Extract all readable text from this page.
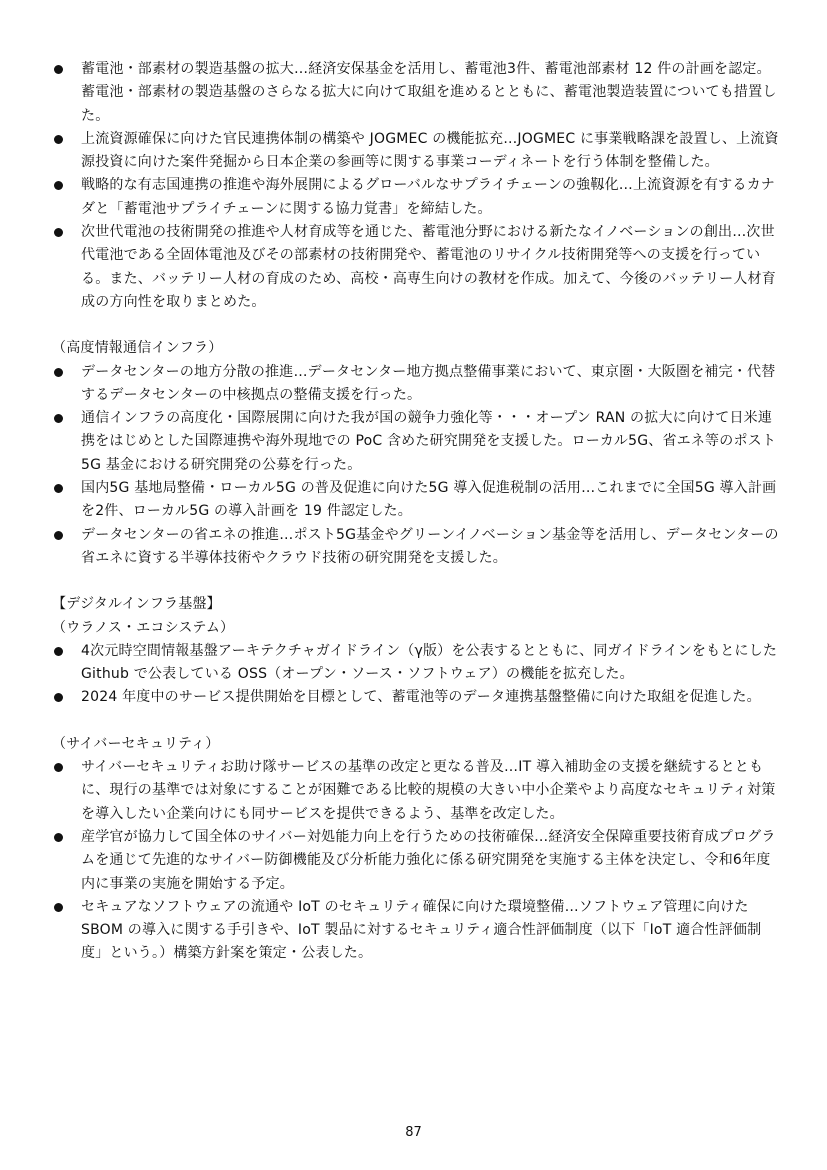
蓄電池・部素材の製造基盤の拡大…経済安保基金を活用し、蓄電池3件、蓄電池部素材 12 件の計画を認定。蓄電池・部素材の製造基盤のさらなる拡大に向けて取組を進めるとともに、蓄電池製造装置についても措置した。
上流資源確保に向けた官民連携体制の構築や JOGMEC の機能拡充…JOGMEC に事業戦略課を設置し、上流資源投資に向けた案件発掘から日本企業の参画等に関する事業コーディネートを行う体制を整備した。
戦略的な有志国連携の推進や海外展開によるグローバルなサプライチェーンの強靱化…上流資源を有するカナダと「蓄電池サプライチェーンに関する協力覚書」を締結した。
次世代電池の技術開発の推進や人材育成等を通じた、蓄電池分野における新たなイノベーションの創出…次世代電池である全固体電池及びその部素材の技術開発や、蓄電池のリサイクル技術開発等への支援を行っている。また、バッテリー人材の育成のため、高校・高専生向けの教材を作成。加えて、今後のバッテリー人材育成の方向性を取りまとめた。
（高度情報通信インフラ）
データセンターの地方分散の推進…データセンター地方拠点整備事業において、東京圏・大阪圏を補完・代替するデータセンターの中核拠点の整備支援を行った。
通信インフラの高度化・国際展開に向けた我が国の競争力強化等・・・オープン RAN の拡大に向けて日米連携をはじめとした国際連携や海外現地での PoC 含めた研究開発を支援した。ローカル5G、省エネ等のポスト5G 基金における研究開発の公募を行った。
国内5G 基地局整備・ローカル5G の普及促進に向けた5G 導入促進税制の活用…これまでに全国5G 導入計画を2件、ローカル5G の導入計画を 19 件認定した。
データセンターの省エネの推進…ポスト5G基金やグリーンイノベーション基金等を活用し、データセンターの省エネに資する半導体技術やクラウド技術の研究開発を支援した。
【デジタルインフラ基盤】
（ウラノス・エコシステム）
4次元時空間情報基盤アーキテクチャガイドライン（γ版）を公表するとともに、同ガイドラインをもとにした Github で公表している OSS（オープン・ソース・ソフトウェア）の機能を拡充した。
2024 年度中のサービス提供開始を目標として、蓄電池等のデータ連携基盤整備に向けた取組を促進した。
（サイバーセキュリティ）
サイバーセキュリティお助け隊サービスの基準の改定と更なる普及…IT 導入補助金の支援を継続するとともに、現行の基準では対象にすることが困難である比較的規模の大きい中小企業やより高度なセキュリティ対策を導入したい企業向けにも同サービスを提供できるよう、基準を改定した。
産学官が協力して国全体のサイバー対処能力向上を行うための技術確保…経済安全保障重要技術育成プログラムを通じて先進的なサイバー防御機能及び分析能力強化に係る研究開発を実施する主体を決定し、令和6年度内に事業の実施を開始する予定。
セキュアなソフトウェアの流通や IoT のセキュリティ確保に向けた環境整備…ソフトウェア管理に向けた SBOM の導入に関する手引きや、IoT 製品に対するセキュリティ適合性評価制度（以下「IoT 適合性評価制度」という。）構築方針案を策定・公表した。
87
